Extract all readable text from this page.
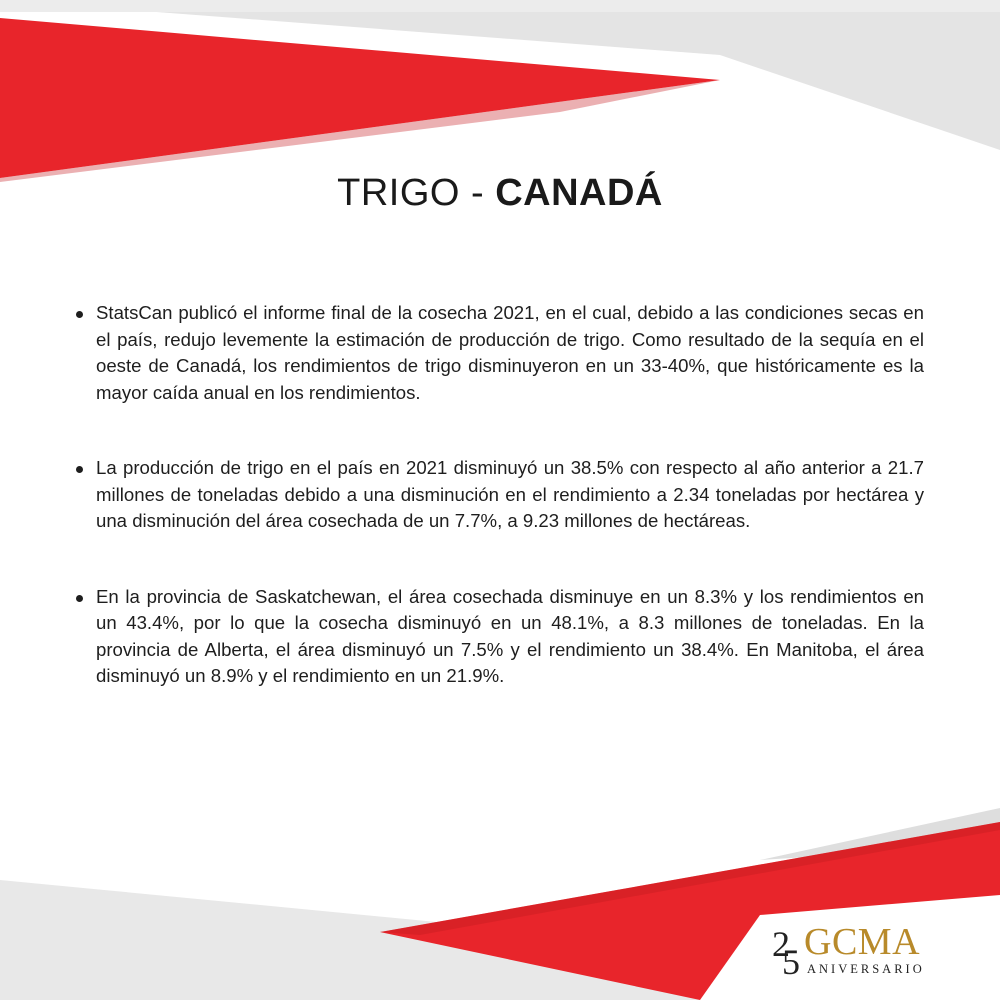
TRIGO - CANADÁ

StatsCan publicó el informe final de la cosecha 2021, en el cual, debido a las condiciones secas en el país, redujo levemente la estimación de producción de trigo. Como resultado de la sequía en el oeste de Canadá, los rendimientos de trigo disminuyeron en un 33-40%, que históricamente es la mayor caída anual en los rendimientos.

La producción de trigo en el país en 2021 disminuyó un 38.5% con respecto al año anterior a 21.7 millones de toneladas debido a una disminución en el rendimiento a 2.34 toneladas por hectárea y una disminución del área cosechada de un 7.7%, a 9.23 millones de hectáreas.

En la provincia de Saskatchewan, el área cosechada disminuye en un 8.3% y los rendimientos en un 43.4%, por lo que la cosecha disminuyó en un 48.1%, a 8.3 millones de toneladas. En la provincia de Alberta, el área disminuyó un 7.5% y el rendimiento un 38.4%. En Manitoba, el área disminuyó un 8.9% y el rendimiento en un 21.9%.

2
5 GCMA
ANIVERSARIO
